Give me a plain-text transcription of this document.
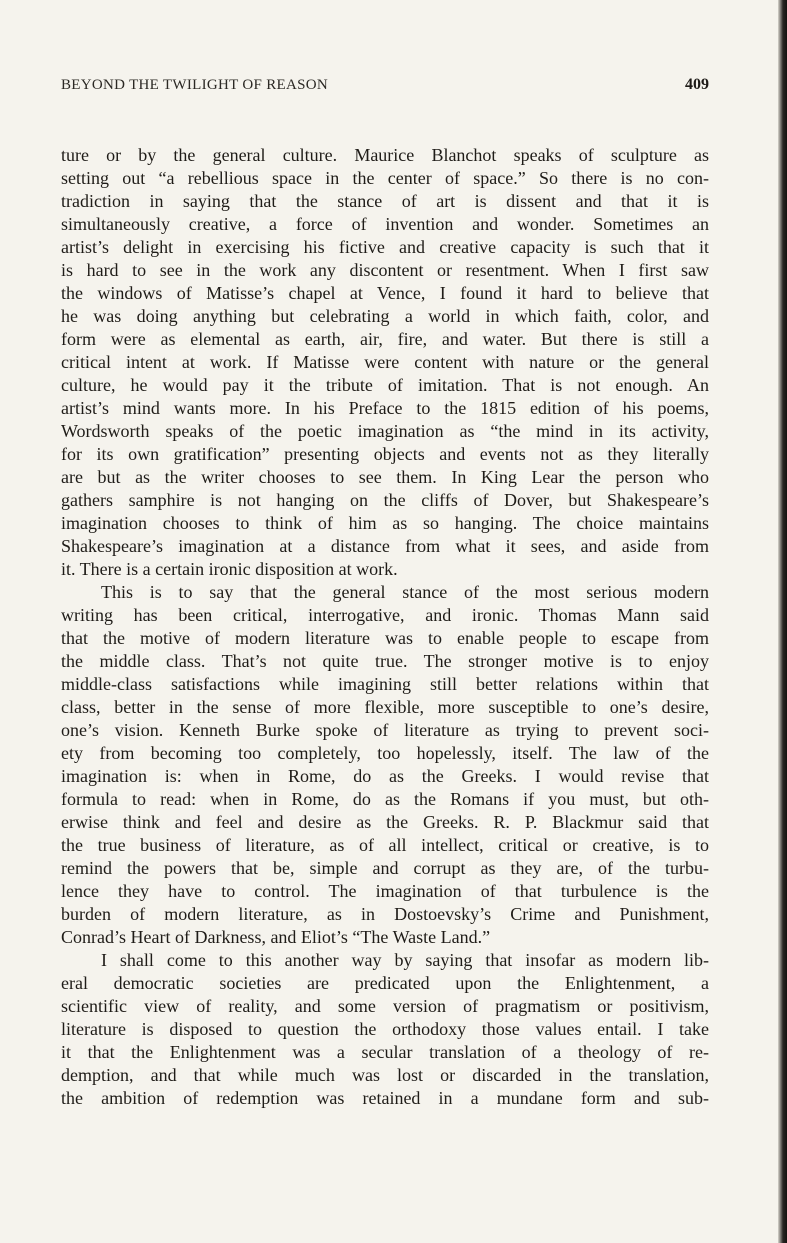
BEYOND THE TWILIGHT OF REASON	409
ture or by the general culture. Maurice Blanchot speaks of sculpture as
setting out “a rebellious space in the center of space.” So there is no con-
tradiction in saying that the stance of art is dissent and that it is
simultaneously creative, a force of invention and wonder. Sometimes an
artist’s delight in exercising his fictive and creative capacity is such that it
is hard to see in the work any discontent or resentment. When I first saw
the windows of Matisse’s chapel at Vence, I found it hard to believe that
he was doing anything but celebrating a world in which faith, color, and
form were as elemental as earth, air, fire, and water. But there is still a
critical intent at work. If Matisse were content with nature or the general
culture, he would pay it the tribute of imitation. That is not enough. An
artist’s mind wants more. In his Preface to the 1815 edition of his poems,
Wordsworth speaks of the poetic imagination as “the mind in its activity,
for its own gratification” presenting objects and events not as they literally
are but as the writer chooses to see them. In King Lear the person who
gathers samphire is not hanging on the cliffs of Dover, but Shakespeare’s
imagination chooses to think of him as so hanging. The choice maintains
Shakespeare’s imagination at a distance from what it sees, and aside from
it. There is a certain ironic disposition at work.
This is to say that the general stance of the most serious modern
writing has been critical, interrogative, and ironic. Thomas Mann said
that the motive of modern literature was to enable people to escape from
the middle class. That’s not quite true. The stronger motive is to enjoy
middle-class satisfactions while imagining still better relations within that
class, better in the sense of more flexible, more susceptible to one’s desire,
one’s vision. Kenneth Burke spoke of literature as trying to prevent soci-
ety from becoming too completely, too hopelessly, itself. The law of the
imagination is: when in Rome, do as the Greeks. I would revise that
formula to read: when in Rome, do as the Romans if you must, but oth-
erwise think and feel and desire as the Greeks. R. P. Blackmur said that
the true business of literature, as of all intellect, critical or creative, is to
remind the powers that be, simple and corrupt as they are, of the turbu-
lence they have to control. The imagination of that turbulence is the
burden of modern literature, as in Dostoevsky’s Crime and Punishment,
Conrad’s Heart of Darkness, and Eliot’s “The Waste Land.”
I shall come to this another way by saying that insofar as modern lib-
eral democratic societies are predicated upon the Enlightenment, a
scientific view of reality, and some version of pragmatism or positivism,
literature is disposed to question the orthodoxy those values entail. I take
it that the Enlightenment was a secular translation of a theology of re-
demption, and that while much was lost or discarded in the translation,
the ambition of redemption was retained in a mundane form and sub-
